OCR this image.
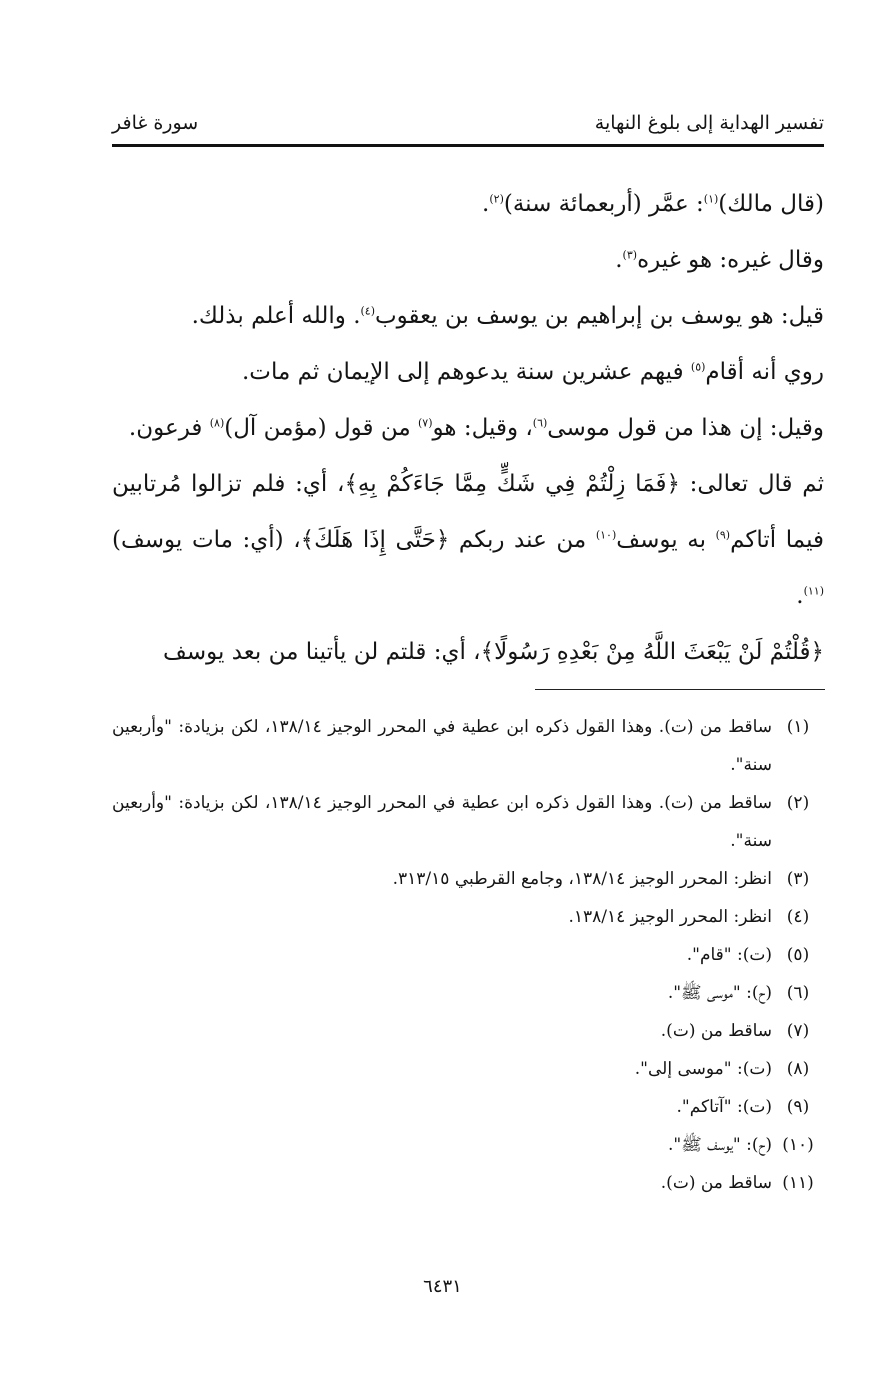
تفسير الهداية إلى بلوغ النهاية
سورة غافر

(قال مالك)$^{(١)}$: عمَّر (أربعمائة سنة)$^{(٢)}$.

وقال غيره: هو غيره$^{(٣)}$.

قيل: هو يوسف بن إبراهيم بن يوسف بن يعقوب$^{(٤)}$. والله أعلم بذلك.

روي أنه أقام$^{(٥)}$ فيهم عشرين سنة يدعوهم إلى الإيمان ثم مات.

وقيل: إن هذا من قول موسى$^{(٦)}$، وقيل: هو$^{(٧)}$ من قول (مؤمن آل)$^{(٨)}$ فرعون.

ثم قال تعالى: ﴿فَمَا زِلْتُمْ فِي شَكٍّ مِمَّا جَاءَكُمْ بِهِ﴾، أي: فلم تزالوا مُرتابين فيما أتاكم$^{(٩)}$ به يوسف$^{(١٠)}$ من عند ربكم ﴿حَتَّى إِذَا هَلَكَ﴾، (أي: مات يوسف)$^{(١١)}$.

﴿قُلْتُمْ لَنْ يَبْعَثَ اللَّهُ مِنْ بَعْدِهِ رَسُولًا﴾، أي: قلتم لن يأتينا من بعد يوسف

(١)
ساقط من (ت). وهذا القول ذكره ابن عطية في المحرر الوجيز ١٣٨/١٤، لكن بزيادة: "وأربعين سنة".
(٢)
ساقط من (ت). وهذا القول ذكره ابن عطية في المحرر الوجيز ١٣٨/١٤، لكن بزيادة: "وأربعين سنة".
(٣)
انظر: المحرر الوجيز ١٣٨/١٤، وجامع القرطبي ٣١٣/١٥.
(٤)
انظر: المحرر الوجيز ١٣٨/١٤.
(٥)
(ت): "قام".
(٦)
(ح): "موسى ﷺ".
(٧)
ساقط من (ت).
(٨)
(ت): "موسى إلى".
(٩)
(ت): "آتاكم".
(١٠)
(ح): "يوسف ﷺ".
(١١)
ساقط من (ت).
٦٤٣١
